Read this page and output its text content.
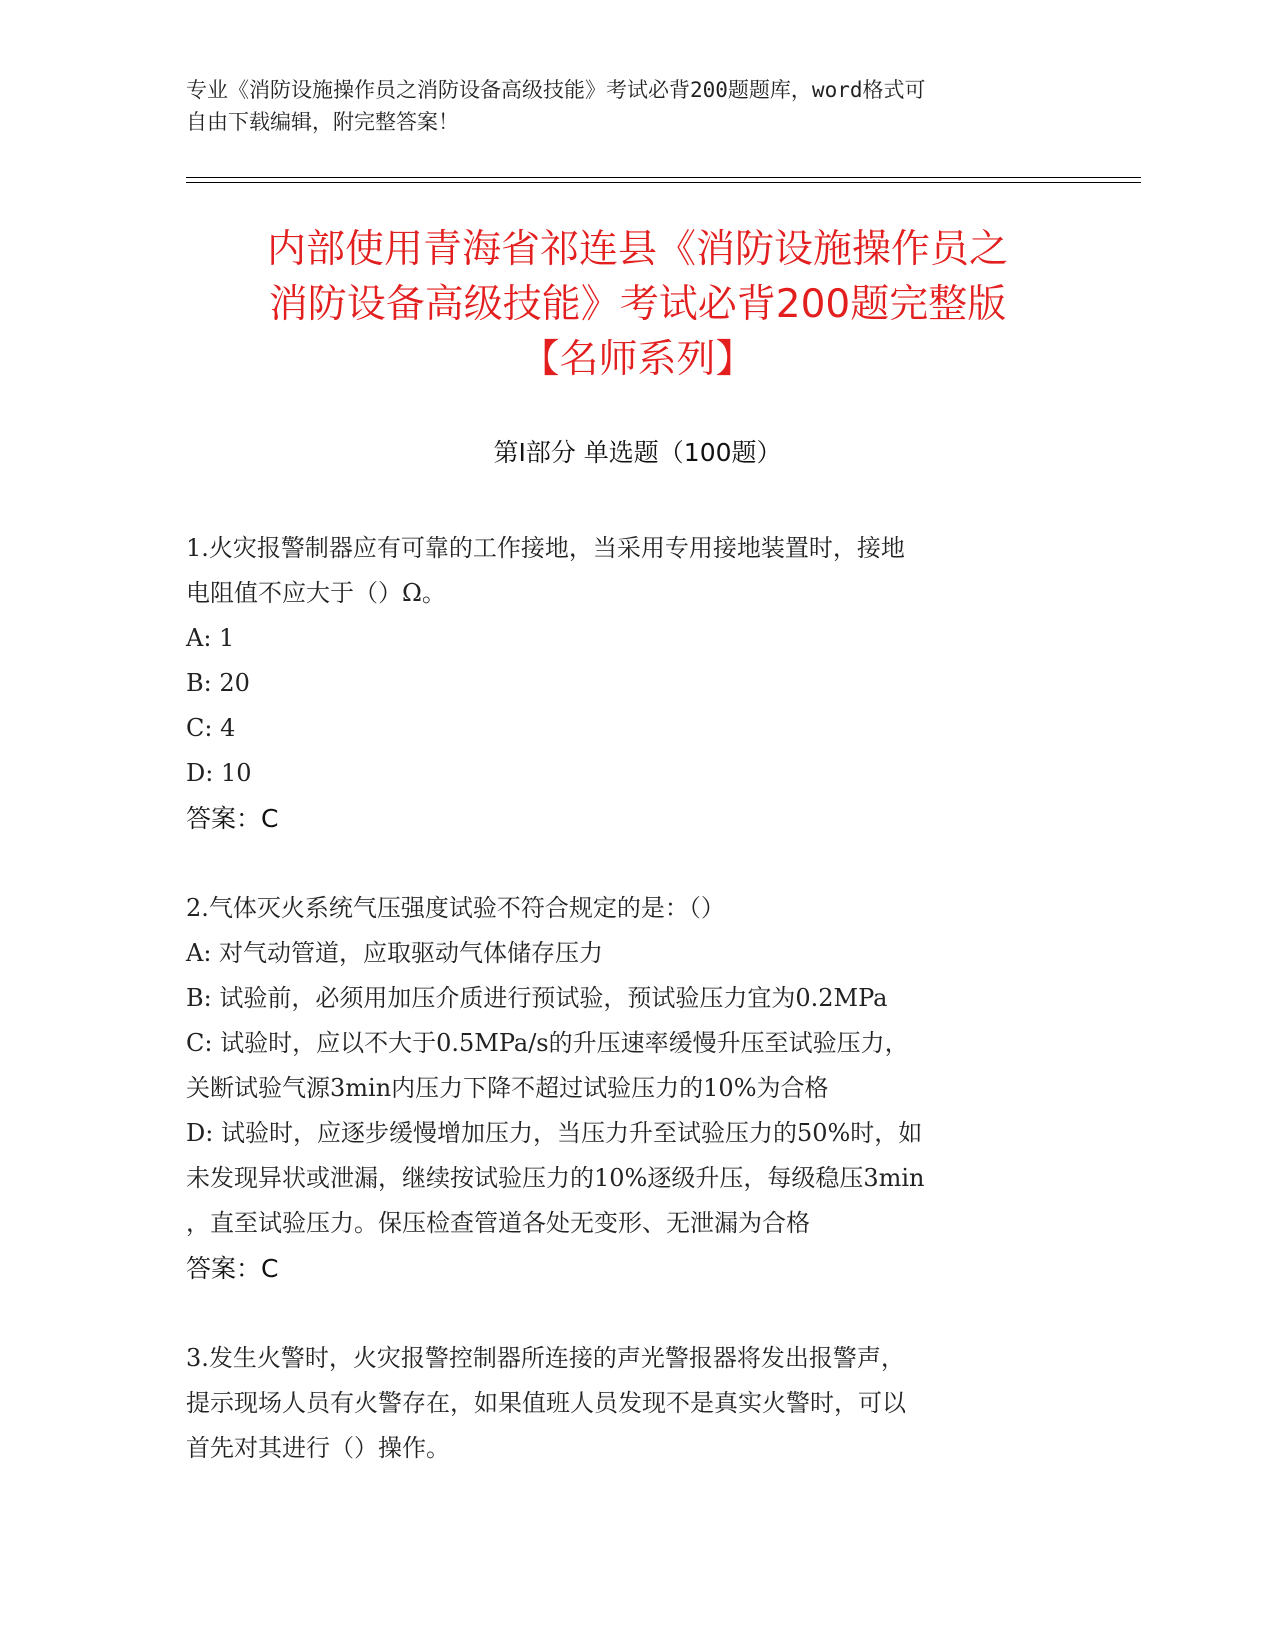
专业《消防设施操作员之消防设备高级技能》考试必背200题题库，word格式可
自由下载编辑，附完整答案！
内部使用青海省祁连县《消防设施操作员之
消防设备高级技能》考试必背200题完整版
【名师系列】
第Ⅰ部分 单选题（100题）
1.火灾报警制器应有可靠的工作接地，当采用专用接地装置时，接地
电阻值不应大于（）Ω。
A: 1
B: 20
C: 4
D: 10
答案：C
2.气体灭火系统气压强度试验不符合规定的是：（）
A: 对气动管道，应取驱动气体储存压力
B: 试验前，必须用加压介质进行预试验，预试验压力宜为0.2MPa
C: 试验时，应以不大于0.5MPa/s的升压速率缓慢升压至试验压力，
关断试验气源3min内压力下降不超过试验压力的10%为合格
D: 试验时，应逐步缓慢增加压力，当压力升至试验压力的50%时，如
未发现异状或泄漏，继续按试验压力的10%逐级升压，每级稳压3min
，直至试验压力。保压检查管道各处无变形、无泄漏为合格
答案：C
3.发生火警时，火灾报警控制器所连接的声光警报器将发出报警声，
提示现场人员有火警存在，如果值班人员发现不是真实火警时，可以
首先对其进行（）操作。
